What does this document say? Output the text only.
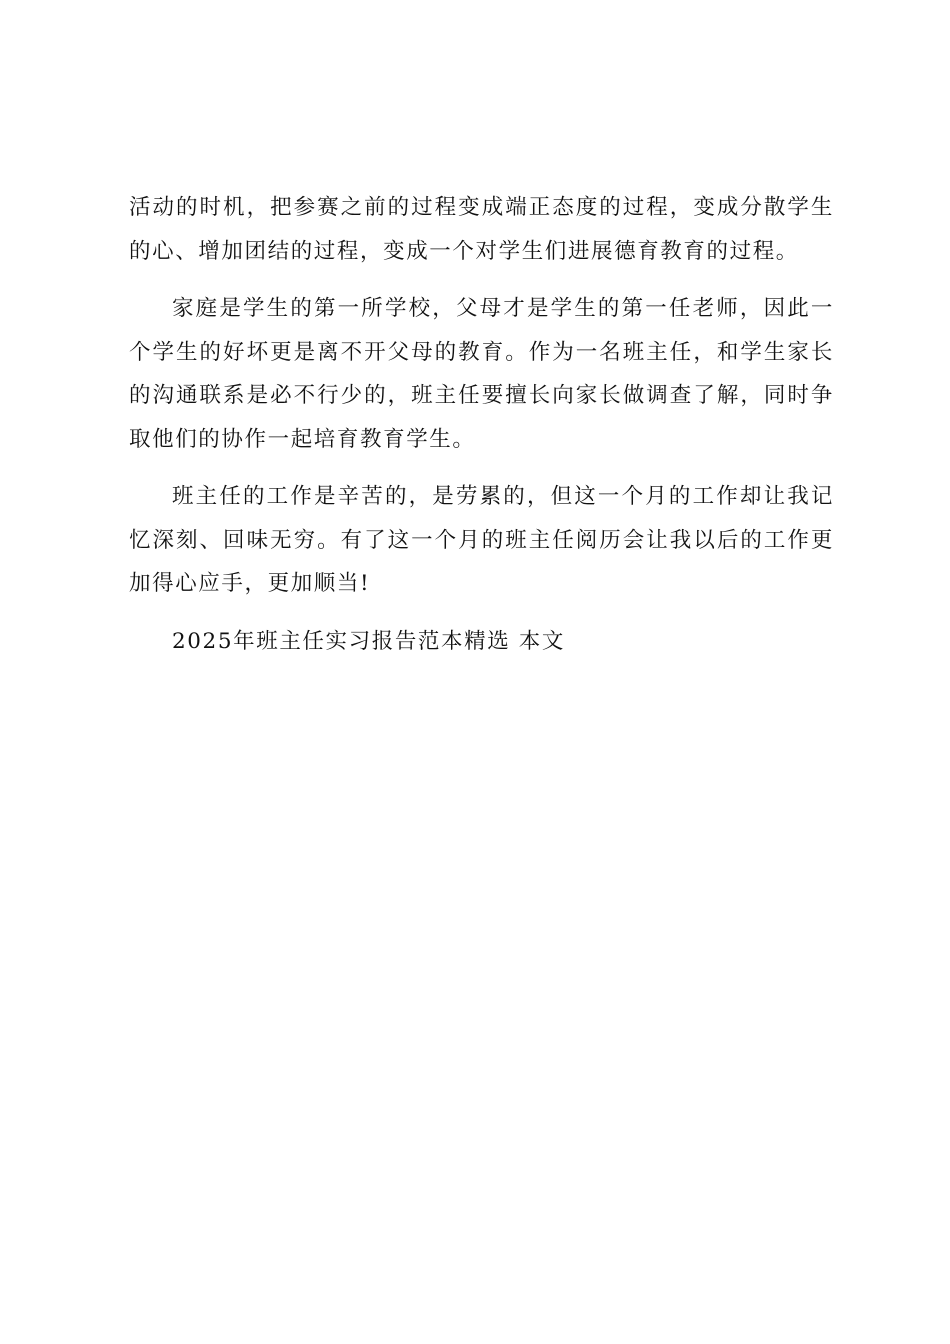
活动的时机，把参赛之前的过程变成端正态度的过程，变成分散学生的心、增加团结的过程，变成一个对学生们进展德育教育的过程。

家庭是学生的第一所学校，父母才是学生的第一任老师，因此一个学生的好坏更是离不开父母的教育。作为一名班主任，和学生家长的沟通联系是必不行少的，班主任要擅长向家长做调查了解，同时争取他们的协作一起培育教育学生。

班主任的工作是辛苦的，是劳累的，但这一个月的工作却让我记忆深刻、回味无穷。有了这一个月的班主任阅历会让我以后的工作更加得心应手，更加顺当!

2025年班主任实习报告范本精选 本文
